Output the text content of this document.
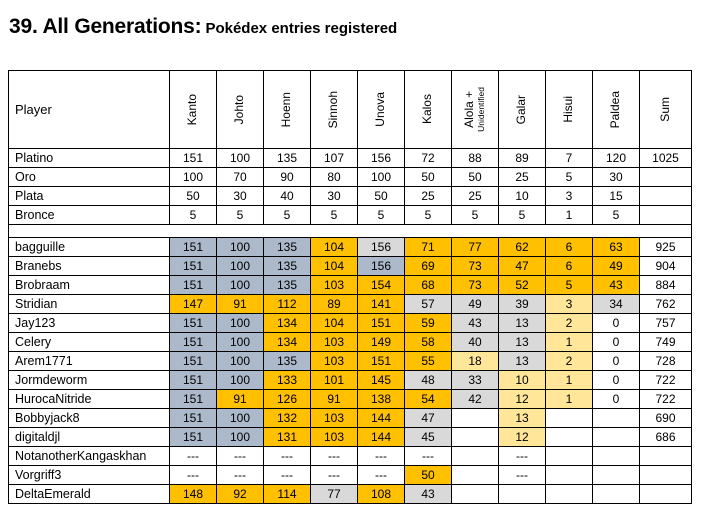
39. All Generations: Pokédex entries registered
Player	Kanto	Johto	Hoenn	Sinnoh	Unova	Kalos	Alola + Unidentified	Galar	Hisui	Paldea	Sum

Platino	151	100	135	107	156	72	88	89	7	120	1025
Oro	100	70	90	80	100	50	50	25	5	30	
Plata	50	30	40	30	50	25	25	10	3	15	
Bronce	5	5	5	5	5	5	5	5	1	5	

bagguille	151	100	135	104	156	71	77	62	6	63	925
Branebs	151	100	135	104	156	69	73	47	6	49	904
Brobraam	151	100	135	103	154	68	73	52	5	43	884
Stridian	147	91	112	89	141	57	49	39	3	34	762
Jay123	151	100	134	104	151	59	43	13	2	0	757
Celery	151	100	134	103	149	58	40	13	1	0	749
Arem1771	151	100	135	103	151	55	18	13	2	0	728
Jormdeworm	151	100	133	101	145	48	33	10	1	0	722
HurocaNitride	151	91	126	91	138	54	42	12	1	0	722
Bobbyjack8	151	100	132	103	144	47		13			690
digitaldjl	151	100	131	103	144	45		12			686
NotanotherKangaskhan	---	---	---	---	---	---		---			
Vorgriff3	---	---	---	---	---	50		---			
DeltaEmerald	148	92	114	77	108	43					
